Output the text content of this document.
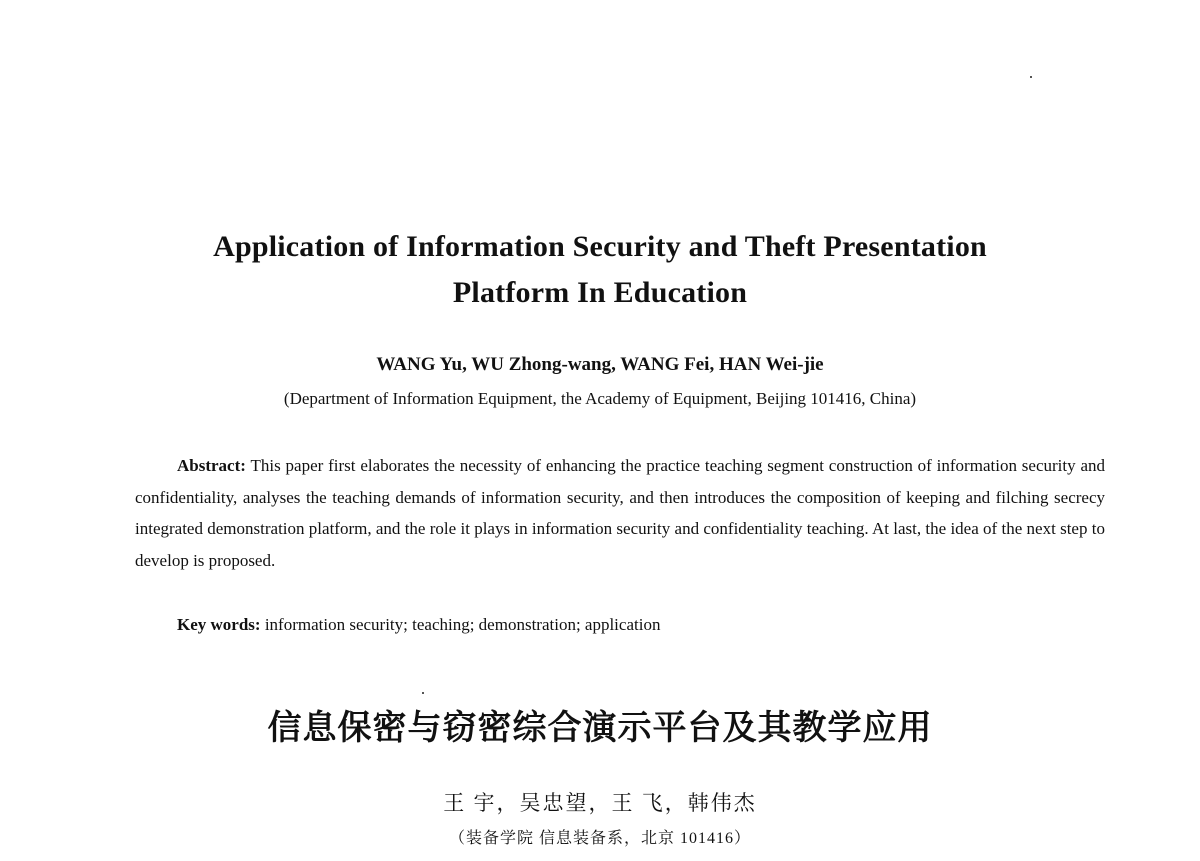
Application of Information Security and Theft Presentation
Platform In Education
WANG Yu, WU Zhong-wang, WANG Fei, HAN Wei-jie
(Department of Information Equipment, the Academy of Equipment, Beijing 101416, China)
Abstract: This paper first elaborates the necessity of enhancing the practice teaching segment construction of information security and confidentiality, analyses the teaching demands of information security, and then introduces the composition of keeping and filching secrecy integrated demonstration platform, and the role it plays in information security and confidentiality teaching. At last, the idea of the next step to develop is proposed.
Key words: information security; teaching; demonstration; application
信息保密与窃密综合演示平台及其教学应用
王 宇，吴忠望，王 飞，韩伟杰
（装备学院 信息装备系，北京 101416）
